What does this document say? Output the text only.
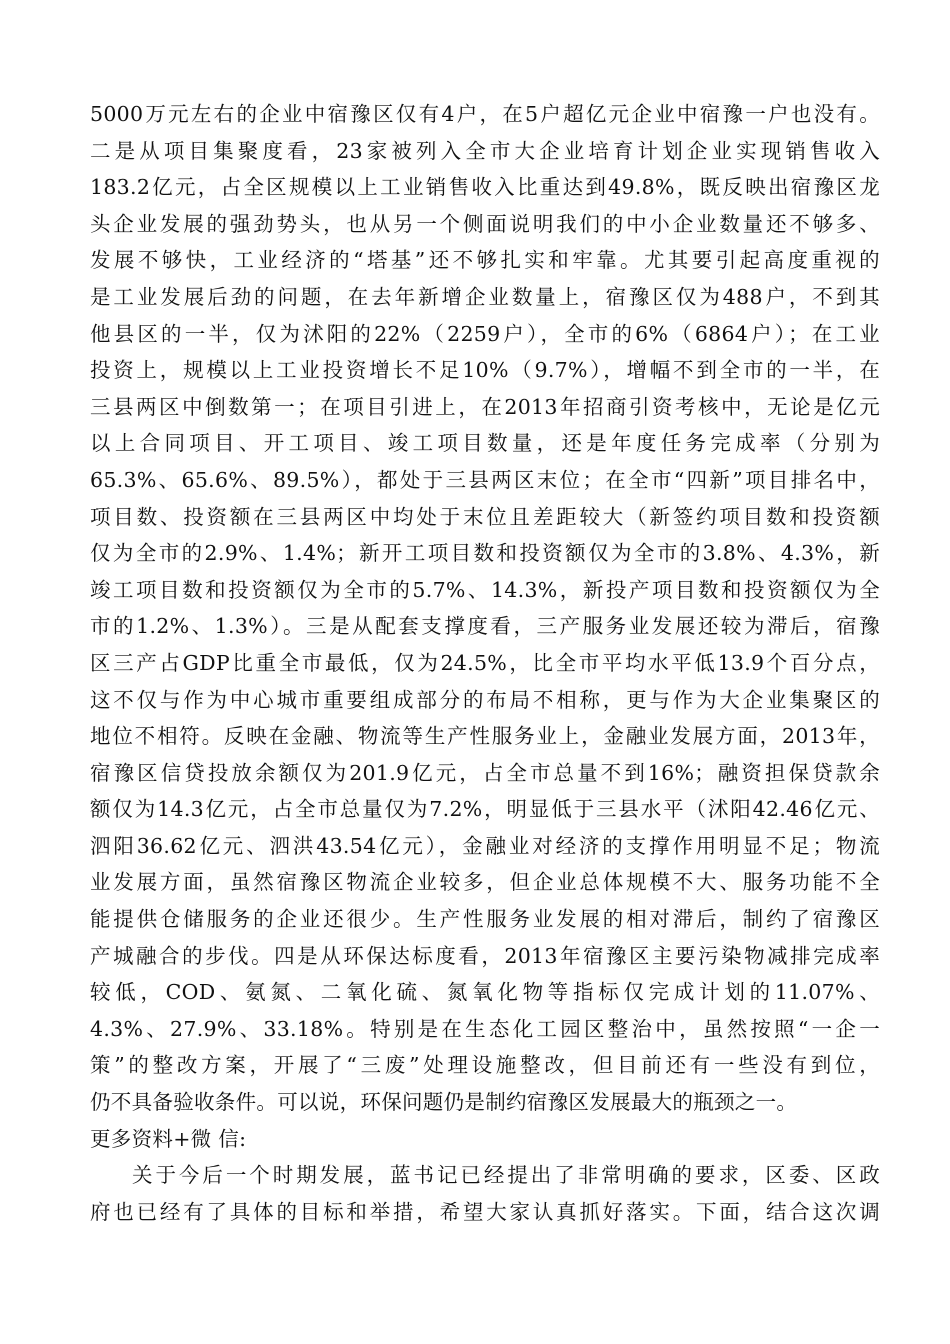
5000万元左右的企业中宿豫区仅有4户，在5户超亿元企业中宿豫一户也没有。
二是从项目集聚度看，23家被列入全市大企业培育计划企业实现销售收入
183.2亿元，占全区规模以上工业销售收入比重达到49.8%，既反映出宿豫区龙
头企业发展的强劲势头，也从另一个侧面说明我们的中小企业数量还不够多、
发展不够快，工业经济的“塔基”还不够扎实和牢靠。尤其要引起高度重视的
是工业发展后劲的问题，在去年新增企业数量上，宿豫区仅为488户，不到其
他县区的一半，仅为沭阳的22%（2259户），全市的6%（6864户）；在工业
投资上，规模以上工业投资增长不足10%（9.7%），增幅不到全市的一半，在
三县两区中倒数第一；在项目引进上，在2013年招商引资考核中，无论是亿元
以上合同项目、开工项目、竣工项目数量，还是年度任务完成率（分别为
65.3%、65.6%、89.5%），都处于三县两区末位；在全市“四新”项目排名中，
项目数、投资额在三县两区中均处于末位且差距较大（新签约项目数和投资额
仅为全市的2.9%、1.4%；新开工项目数和投资额仅为全市的3.8%、4.3%，新
竣工项目数和投资额仅为全市的5.7%、14.3%，新投产项目数和投资额仅为全
市的1.2%、1.3%）。三是从配套支撑度看，三产服务业发展还较为滞后，宿豫
区三产占GDP比重全市最低，仅为24.5%，比全市平均水平低13.9个百分点，
这不仅与作为中心城市重要组成部分的布局不相称，更与作为大企业集聚区的
地位不相符。反映在金融、物流等生产性服务业上，金融业发展方面，2013年，
宿豫区信贷投放余额仅为201.9亿元，占全市总量不到16%；融资担保贷款余
额仅为14.3亿元，占全市总量仅为7.2%，明显低于三县水平（沭阳42.46亿元、
泗阳36.62亿元、泗洪43.54亿元），金融业对经济的支撑作用明显不足；物流
业发展方面，虽然宿豫区物流企业较多，但企业总体规模不大、服务功能不全
能提供仓储服务的企业还很少。生产性服务业发展的相对滞后，制约了宿豫区
产城融合的步伐。四是从环保达标度看，2013年宿豫区主要污染物减排完成率
较低，COD、氨氮、二氧化硫、氮氧化物等指标仅完成计划的11.07%、
4.3%、27.9%、33.18%。特别是在生态化工园区整治中，虽然按照“一企一
策”的整改方案，开展了“三废”处理设施整改，但目前还有一些没有到位，
仍不具备验收条件。可以说，环保问题仍是制约宿豫区发展最大的瓶颈之一。
更多资料+微 信:
关于今后一个时期发展，蓝书记已经提出了非常明确的要求，区委、区政
府也已经有了具体的目标和举措，希望大家认真抓好落实。下面，结合这次调
